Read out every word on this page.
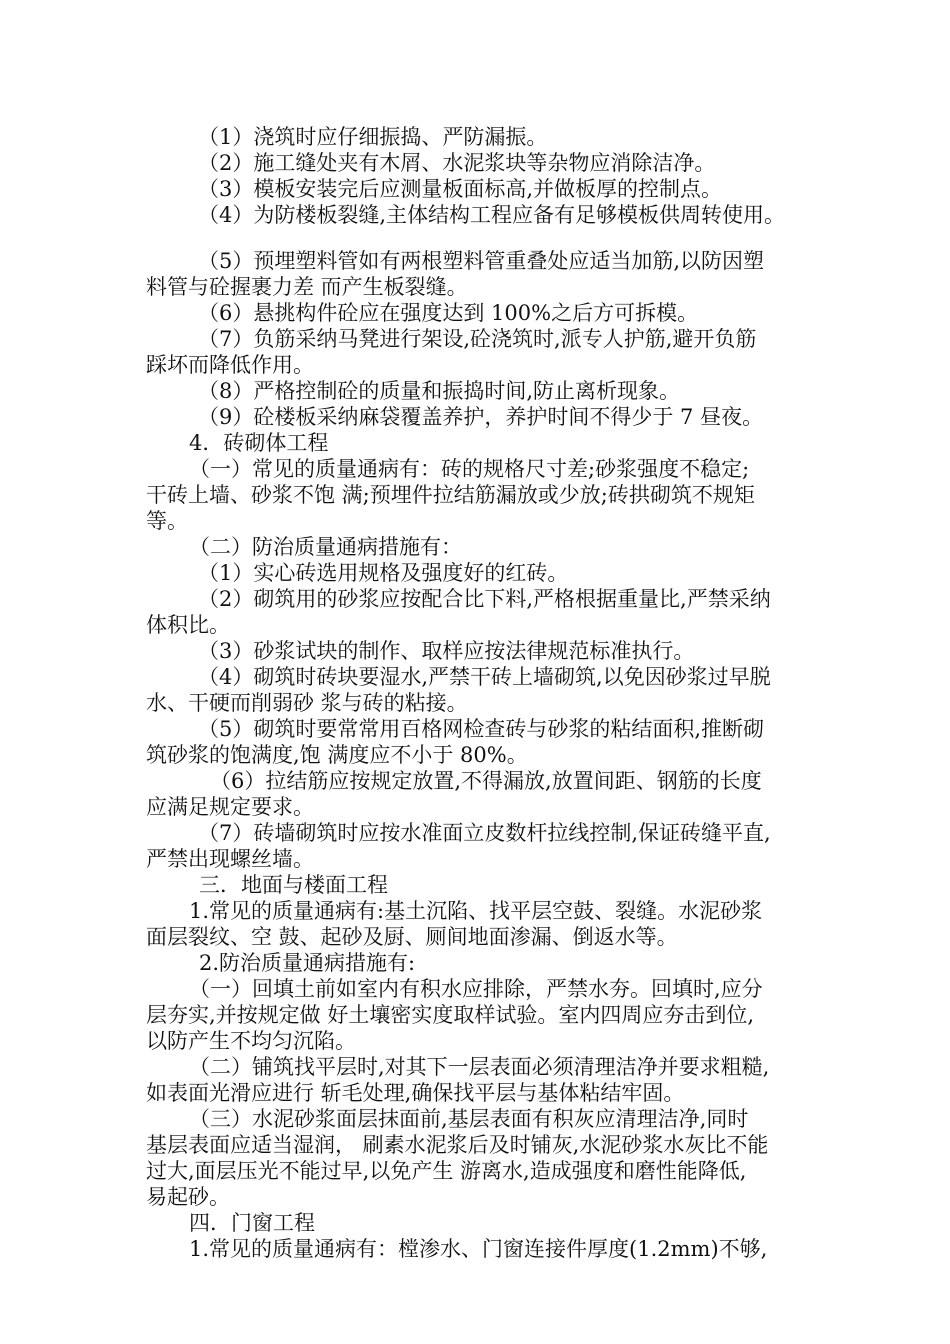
（1）浇筑时应仔细振捣、严防漏振。

（2）施工缝处夹有木屑、水泥浆块等杂物应消除洁净。

（3）模板安装完后应测量板面标高,并做板厚的控制点。

（4）为防楼板裂缝,主体结构工程应备有足够模板供周转使用。

（5）预埋塑料管如有两根塑料管重叠处应适当加筋,以防因塑

料管与砼握裹力差 而产生板裂缝。

（6）悬挑构件砼应在强度达到 100%之后方可拆模。

（7）负筋采纳马凳进行架设,砼浇筑时,派专人护筋,避开负筋

踩坏而降低作用。

（8）严格控制砼的质量和振捣时间,防止离析现象。

（9）砼楼板采纳麻袋覆盖养护，养护时间不得少于 7 昼夜。

4．砖砌体工程

（一）常见的质量通病有：砖的规格尺寸差;砂浆强度不稳定;

干砖上墙、砂浆不饱 满;预埋件拉结筋漏放或少放;砖拱砌筑不规矩

等。

（二）防治质量通病措施有：

（1）实心砖选用规格及强度好的红砖。

（2）砌筑用的砂浆应按配合比下料,严格根据重量比,严禁采纳

体积比。

（3）砂浆试块的制作、取样应按法律规范标准执行。

（4）砌筑时砖块要湿水,严禁干砖上墙砌筑,以免因砂浆过早脱

水、干硬而削弱砂 浆与砖的粘接。

（5）砌筑时要常常用百格网检查砖与砂浆的粘结面积,推断砌

筑砂浆的饱满度,饱 满度应不小于 80%。

（6）拉结筋应按规定放置,不得漏放,放置间距、钢筋的长度

应满足规定要求。

（7）砖墙砌筑时应按水准面立皮数杆拉线控制,保证砖缝平直,

严禁出现螺丝墙。

三．地面与楼面工程

1.常见的质量通病有:基土沉陷、找平层空鼓、裂缝。水泥砂浆

面层裂纹、空 鼓、起砂及厨、厕间地面渗漏、倒返水等。

2.防治质量通病措施有:

（一）回填土前如室内有积水应排除，严禁水夯。回填时,应分

层夯实,并按规定做 好土壤密实度取样试验。室内四周应夯击到位,

以防产生不均匀沉陷。

（二）铺筑找平层时,对其下一层表面必须清理洁净并要求粗糙,

如表面光滑应进行 斩毛处理,确保找平层与基体粘结牢固。

（三）水泥砂浆面层抹面前,基层表面有积灰应清理洁净,同时

基层表面应适当湿润， 刷素水泥浆后及时铺灰,水泥砂浆水灰比不能

过大,面层压光不能过早,以免产生 游离水,造成强度和磨性能降低,

易起砂。

四．门窗工程

1.常见的质量通病有：樘渗水、门窗连接件厚度(1.2mm)不够,
